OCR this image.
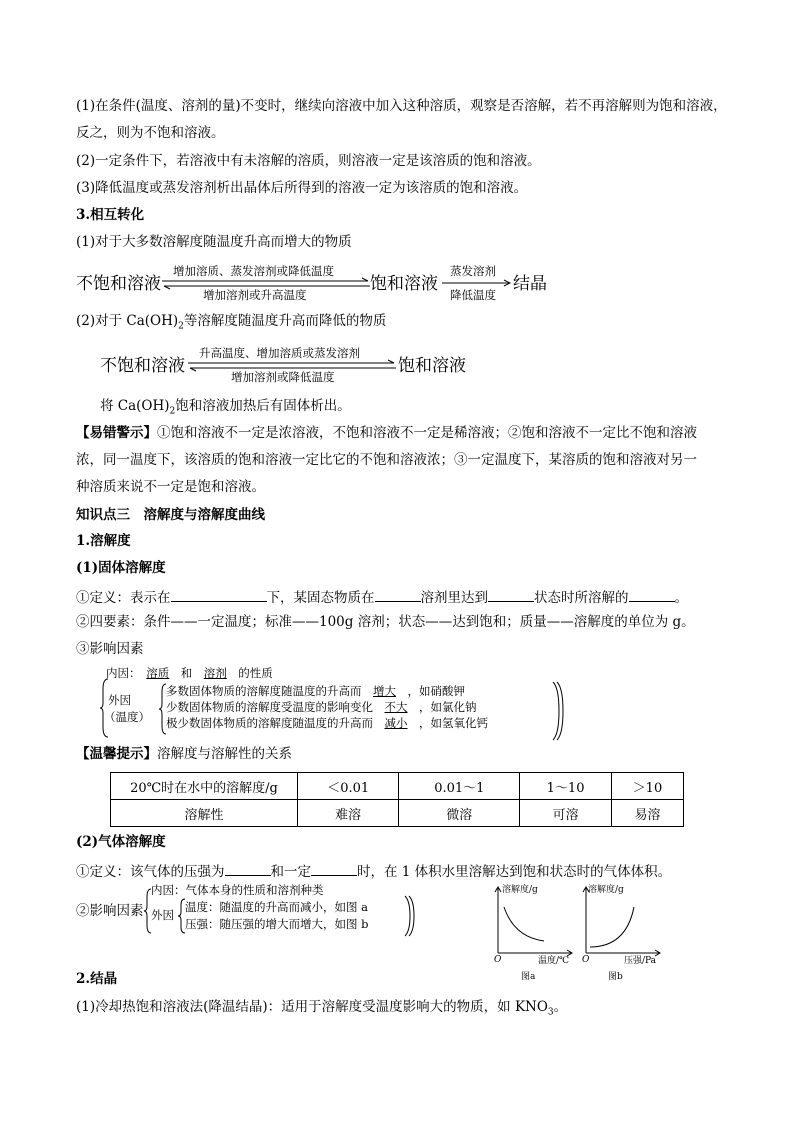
(1)在条件(温度、溶剂的量)不变时，继续向溶液中加入这种溶质，观察是否溶解，若不再溶解则为饱和溶液，
反之，则为不饱和溶液。
(2)一定条件下，若溶液中有未溶解的溶质，则溶液一定是该溶质的饱和溶液。
(3)降低温度或蒸发溶剂析出晶体后所得到的溶液一定为该溶质的饱和溶液。
3.相互转化
(1)对于大多数溶解度随温度升高而增大的物质
不饱和溶液
增加溶质、蒸发溶剂或降低温度
增加溶剂或升高温度
饱和溶液
蒸发溶剂
降低温度
结晶
(2)对于 $Ca(OH)_2$等溶解度随温度升高而降低的物质
不饱和溶液
升高温度、增加溶质或蒸发溶剂
增加溶剂或降低温度
饱和溶液
将 $Ca(OH)_2$饱和溶液加热后有固体析出。
【易错警示】①饱和溶液不一定是浓溶液，不饱和溶液不一定是稀溶液；②饱和溶液不一定比不饱和溶液
浓，同一温度下，该溶质的饱和溶液一定比它的不饱和溶液浓；③一定温度下，某溶质的饱和溶液对另一
种溶质来说不一定是饱和溶液。
知识点三　溶解度与溶解度曲线
1.溶解度
(1)固体溶解度
①定义：表示在	下，某固态物质在	溶剂里达到	状态时所溶解的	。
②四要素：条件——一定温度；标准——100g 溶剂；状态——达到饱和；质量——溶解度的单位为 g。
③影响因素
内因：　 溶质　 和　 溶剂　 的性质
外因
（温度）
多数固体物质的溶解度随温度的升高而　 增大　 ，如硝酸钾
少数固体物质的溶解度受温度的影响变化　 不大　 ，如氯化钠
极少数固体物质的溶解度随温度的升高而　 减小　 ，如氢氧化钙
【温馨提示】溶解度与溶解性的关系
20℃时在水中的溶解度/g	＜0.01	0.01～1	1～10	＞10
溶解性	难溶	微溶	可溶	易溶
(2)气体溶解度
①定义：该气体的压强为	和一定	时，在 1 体积水里溶解达到饱和状态时的气体体积。
②影响因素
内因：气体本身的性质和溶剂种类
外因
温度：随温度的升高而减小，如图 a
压强：随压强的增大而增大，如图 b
溶解度/g
温度/℃
O
图a
溶解度/g
压强/Pa
O
图b
2.结晶
(1)冷却热饱和溶液法(降温结晶)：适用于溶解度受温度影响大的物质，如 $KNO_3$。
